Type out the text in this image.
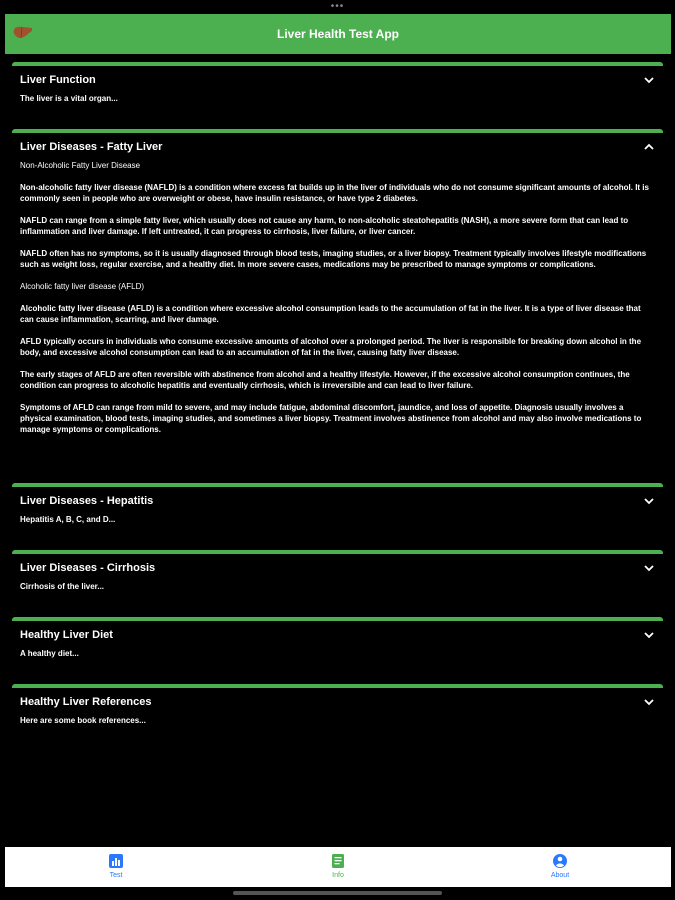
•••
Liver Health Test App
Liver Function
The liver is a vital organ...
Liver Diseases - Fatty Liver
Non-Alcoholic Fatty Liver Disease
Non-alcoholic fatty liver disease (NAFLD) is a condition where excess fat builds up in the liver of individuals who do not consume significant amounts of alcohol. It is commonly seen in people who are overweight or obese, have insulin resistance, or have type 2 diabetes.
NAFLD can range from a simple fatty liver, which usually does not cause any harm, to non-alcoholic steatohepatitis (NASH), a more severe form that can lead to inflammation and liver damage. If left untreated, it can progress to cirrhosis, liver failure, or liver cancer.
NAFLD often has no symptoms, so it is usually diagnosed through blood tests, imaging studies, or a liver biopsy. Treatment typically involves lifestyle modifications such as weight loss, regular exercise, and a healthy diet. In more severe cases, medications may be prescribed to manage symptoms or complications.
Alcoholic fatty liver disease (AFLD)
Alcoholic fatty liver disease (AFLD) is a condition where excessive alcohol consumption leads to the accumulation of fat in the liver. It is a type of liver disease that can cause inflammation, scarring, and liver damage.
AFLD typically occurs in individuals who consume excessive amounts of alcohol over a prolonged period. The liver is responsible for breaking down alcohol in the body, and excessive alcohol consumption can lead to an accumulation of fat in the liver, causing fatty liver disease.
The early stages of AFLD are often reversible with abstinence from alcohol and a healthy lifestyle. However, if the excessive alcohol consumption continues, the condition can progress to alcoholic hepatitis and eventually cirrhosis, which is irreversible and can lead to liver failure.
Symptoms of AFLD can range from mild to severe, and may include fatigue, abdominal discomfort, jaundice, and loss of appetite. Diagnosis usually involves a physical examination, blood tests, imaging studies, and sometimes a liver biopsy. Treatment involves abstinence from alcohol and may also involve medications to manage symptoms or complications.
Liver Diseases - Hepatitis
Hepatitis A, B, C, and D...
Liver Diseases - Cirrhosis
Cirrhosis of the liver...
Healthy Liver Diet
A healthy diet...
Healthy Liver References
Here are some book references...
Test	Info	About
